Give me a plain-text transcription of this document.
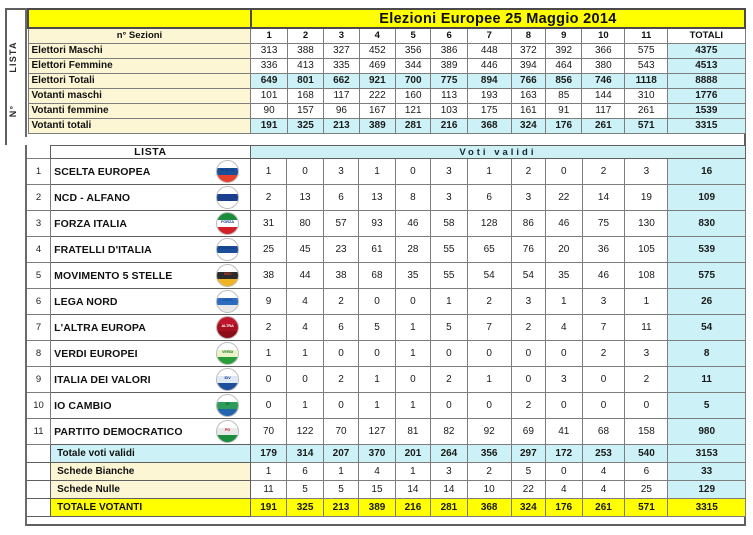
LISTA
N°
	Elezioni Europee 25 Maggio 2014											
n° Sezioni	1	2	3	4	5	6	7	8	9	10	11	TOTALI
Elettori Maschi	313	388	327	452	356	386	448	372	392	366	575	4375
Elettori Femmine	336	413	335	469	344	389	446	394	464	380	543	4513
Elettori Totali	649	801	662	921	700	775	894	766	856	746	1118	8888
Votanti maschi	101	168	117	222	160	113	193	163	85	144	310	1776
Votanti femmine	90	157	96	167	121	103	175	161	91	117	261	1539
Votanti totali	191	325	213	389	281	216	368	324	176	261	571	3315
	LISTA		Voti validi											
1	SCELTA EUROPEA	SCELTA	1	0	3	1	0	3	1	2	0	2	3	16
2	NCD - ALFANO	NCD	2	13	6	13	8	3	6	3	22	14	19	109
3	FORZA ITALIA	FORZA	31	80	57	93	46	58	128	86	46	75	130	830
4	FRATELLI D'ITALIA	FRATELLI	25	45	23	61	28	55	65	76	20	36	105	539
5	MOVIMENTO 5 STELLE	M5S	38	44	38	68	35	55	54	54	35	46	108	575
6	LEGA NORD	LEGA	9	4	2	0	0	1	2	3	1	3	1	26
7	L'ALTRA EUROPA	ALTRA	2	4	6	5	1	5	7	2	4	7	11	54
8	VERDI EUROPEI	VERDI	1	1	0	0	1	0	0	0	0	2	3	8
9	ITALIA DEI VALORI	IDV	0	0	2	1	0	2	1	0	3	0	2	11
10	IO CAMBIO	IO	0	1	0	1	1	0	0	2	0	0	0	5
11	PARTITO DEMOCRATICO	PD	70	122	70	127	81	82	92	69	41	68	158	980
	Totale voti validi		179	314	207	370	201	264	356	297	172	253	540	3153
	Schede Bianche		1	6	1	4	1	3	2	5	0	4	6	33
	Schede Nulle		11	5	5	15	14	14	10	22	4	4	25	129
	TOTALE VOTANTI		191	325	213	389	216	281	368	324	176	261	571	3315
